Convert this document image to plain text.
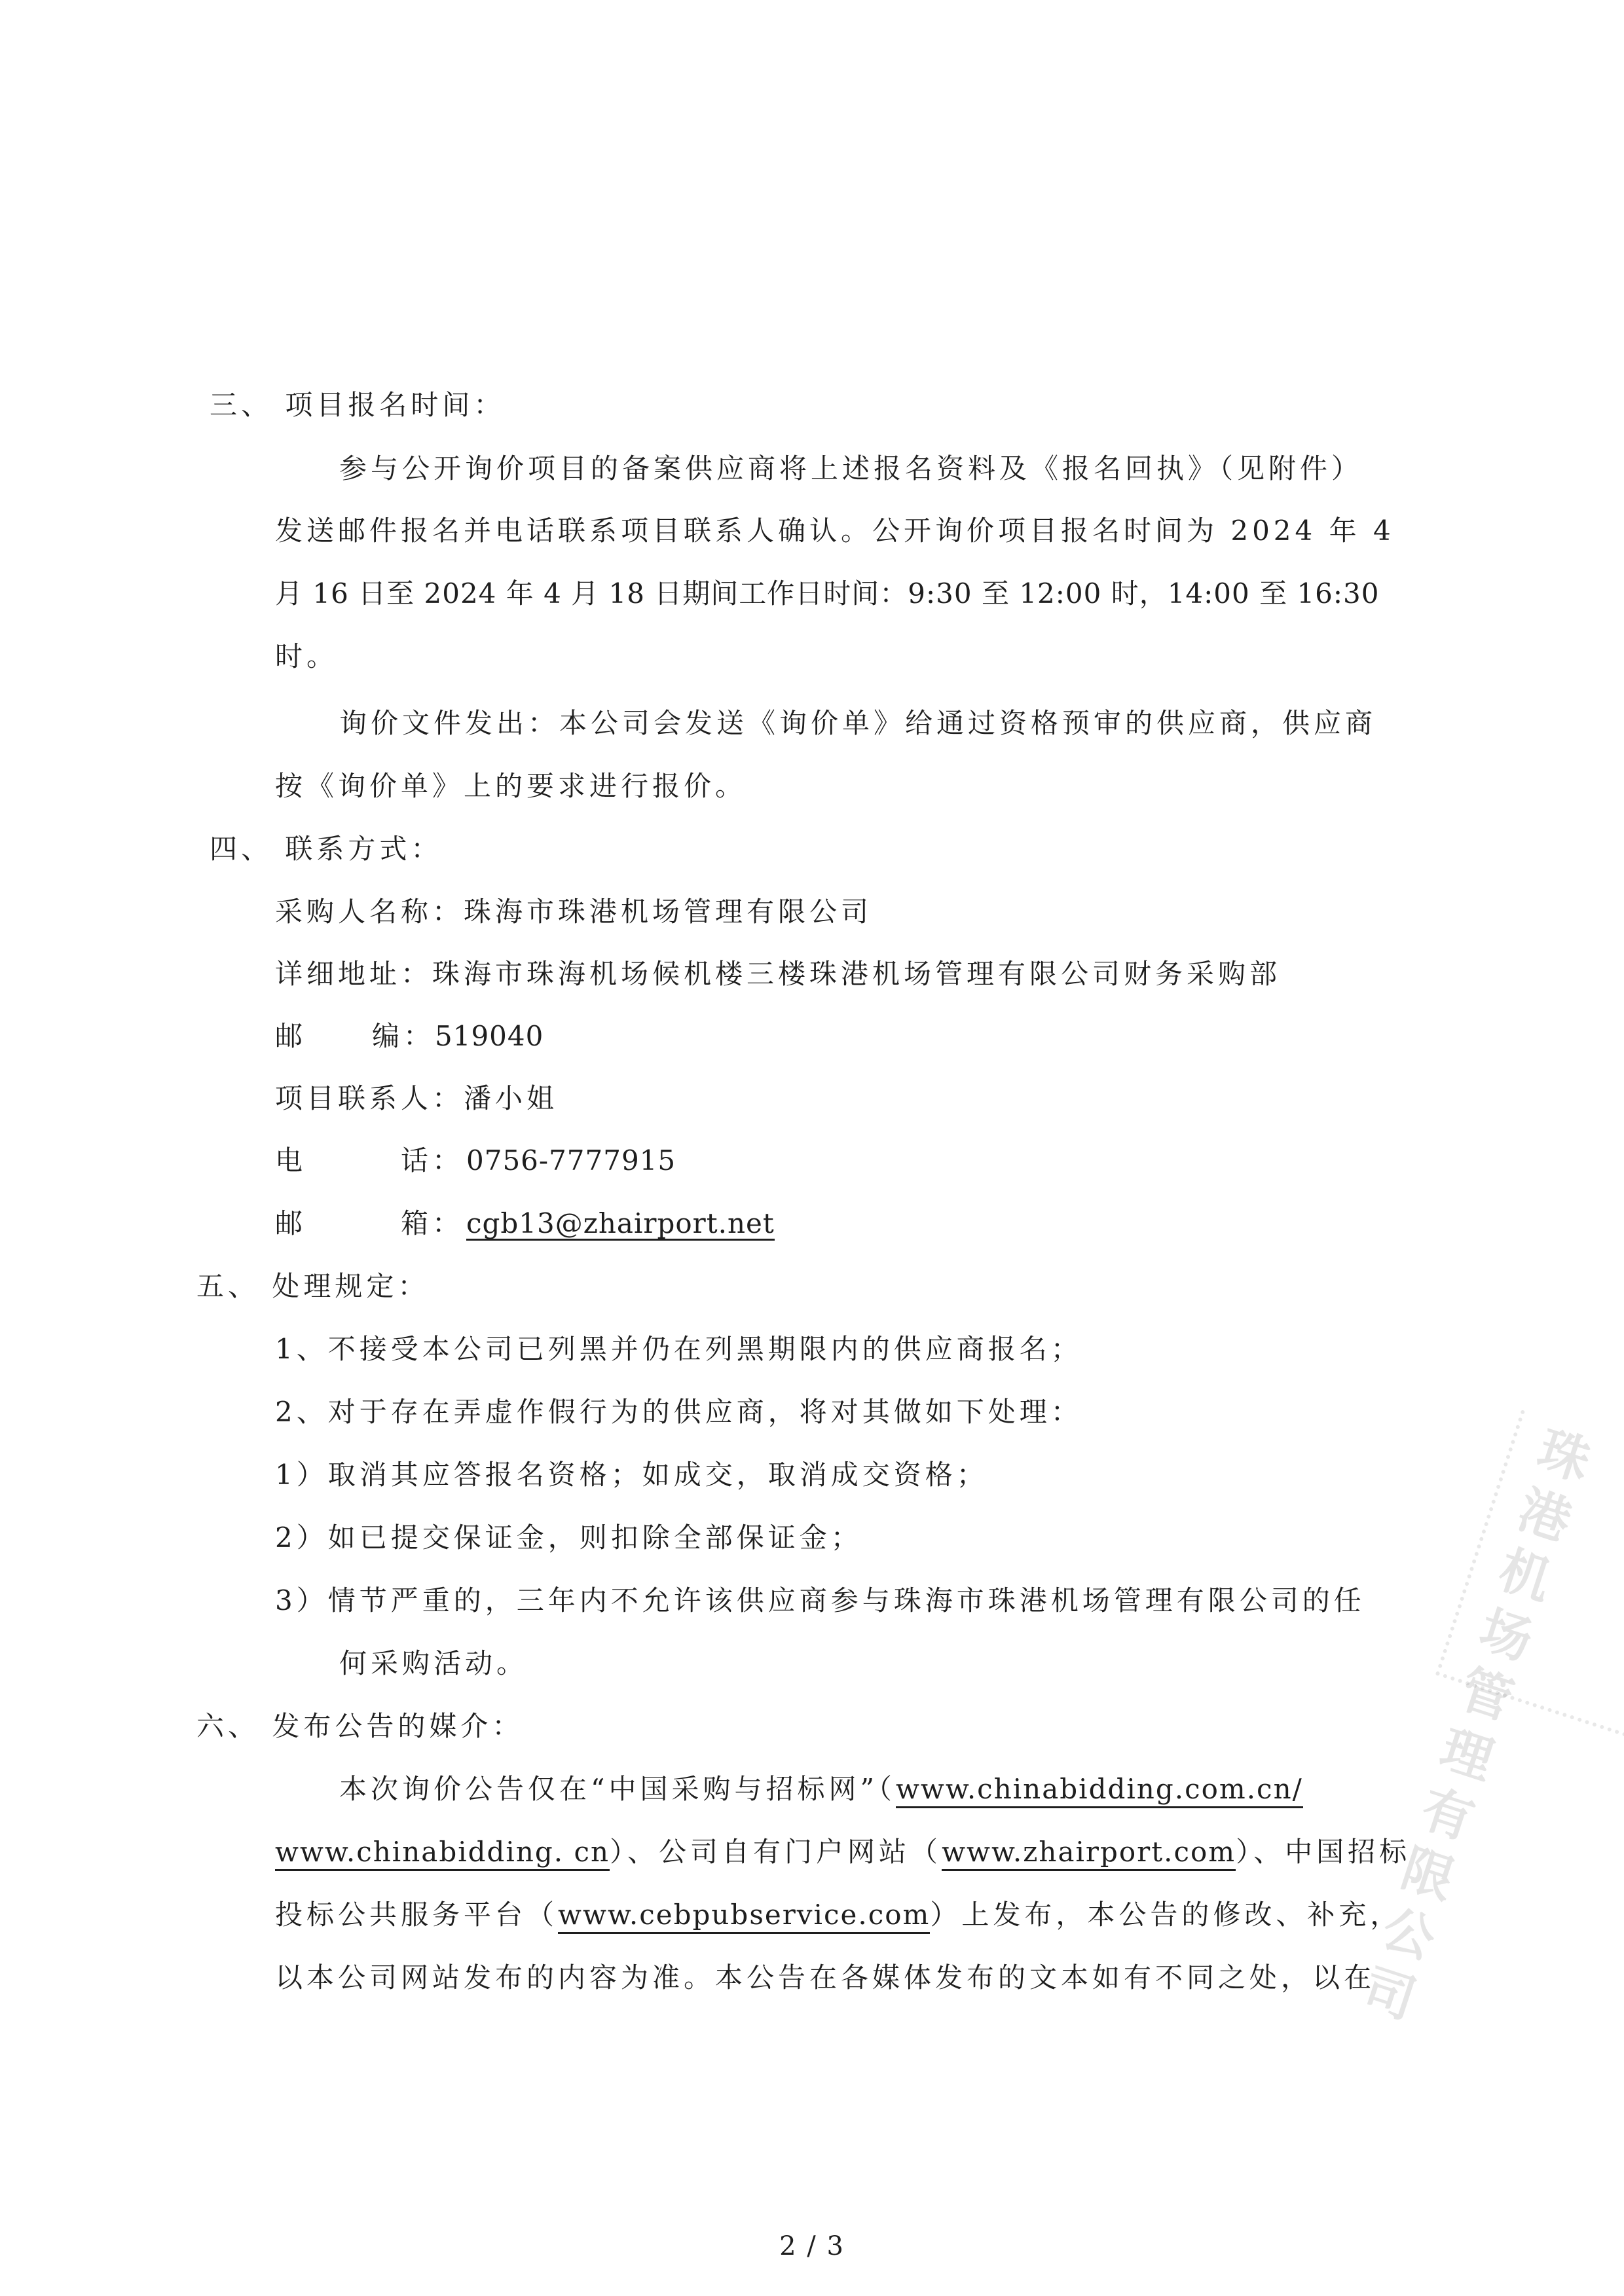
三、 项目报名时间：
参与公开询价项目的备案供应商将上述报名资料及《报名回执》（见附件）
发送邮件报名并电话联系项目联系人确认。公开询价项目报名时间为 2024 年 4
月 16 日至 2024 年 4 月 18 日期间工作日时间：9:30 至 12:00 时，14:00 至 16:30
时。
询价文件发出：本公司会发送《询价单》给通过资格预审的供应商，供应商
按《询价单》上的要求进行报价。
四、 联系方式：
采购人名称：珠海市珠港机场管理有限公司
详细地址：珠海市珠海机场候机楼三楼珠港机场管理有限公司财务采购部
邮 编： 519040
项目联系人：潘小姐
电	话： 0756-7777915
邮	箱： cgb13@zhairport.net
五、 处理规定：
1、不接受本公司已列黑并仍在列黑期限内的供应商报名；
2、对于存在弄虚作假行为的供应商，将对其做如下处理：
1）取消其应答报名资格；如成交，取消成交资格；
2）如已提交保证金，则扣除全部保证金；
3）情节严重的，三年内不允许该供应商参与珠海市珠港机场管理有限公司的任
何采购活动。
六、 发布公告的媒介：
本次询价公告仅在“中国采购与招标网”（www.chinabidding.com.cn/
www.chinabidding. cn）、公司自有门户网站（www.zhairport.com）、中国招标
投标公共服务平台（www.cebpubservice.com）上发布，本公告的修改、补充，
以本公司网站发布的内容为准。本公告在各媒体发布的文本如有不同之处，以在
珠港机场管理有限公司
2 / 3
